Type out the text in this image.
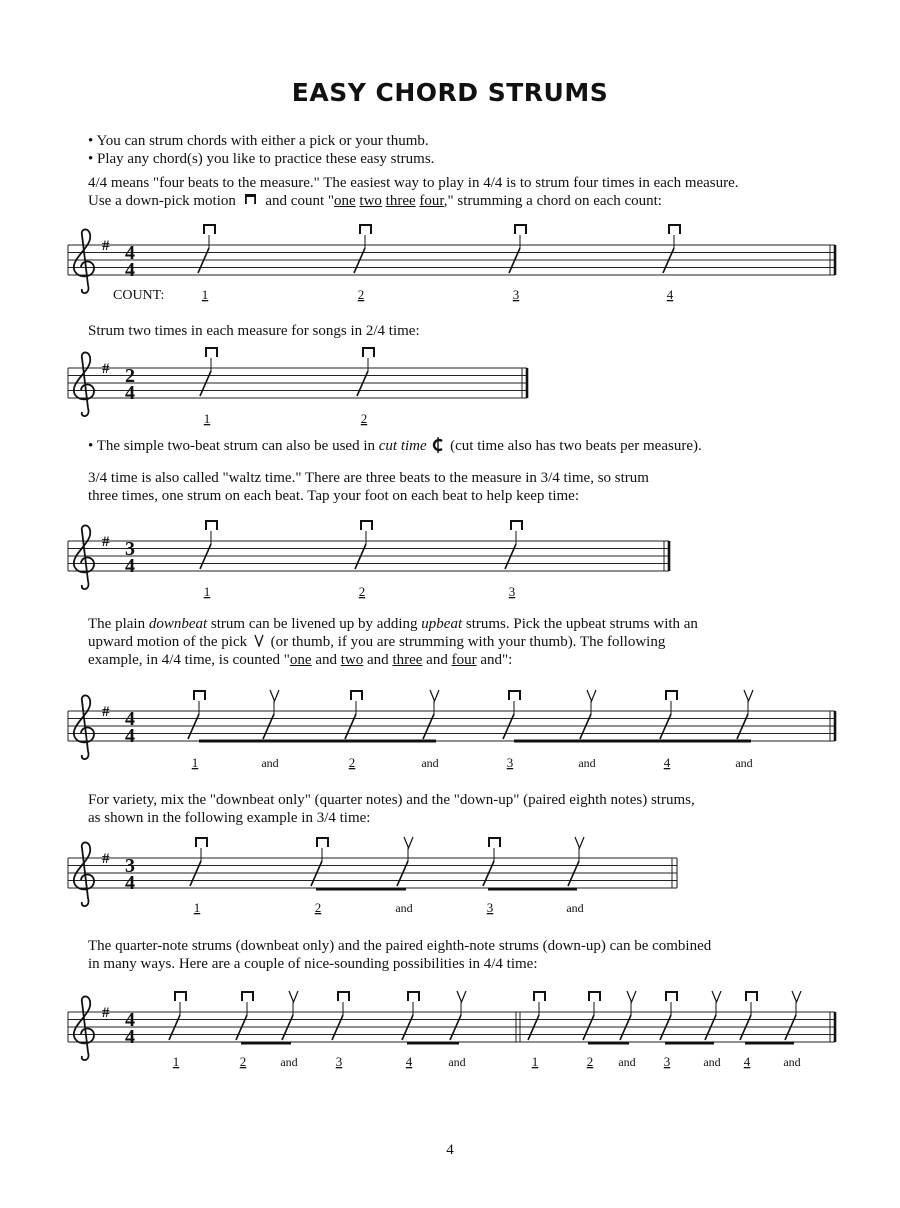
EASY CHORD STRUMS
• You can strum chords with either a pick or your thumb.
• Play any chord(s) you like to practice these easy strums.
4/4 means "four beats to the measure." The easiest way to play in 4/4 is to strum four times in each measure.
Use a down-pick motion and count "one two three four," strumming a chord on each count:
Strum two times in each measure for songs in 2/4 time:
• The simple two-beat strum can also be used in cut time  (cut time also has two beats per measure).
3/4 time is also called "waltz time." There are three beats to the measure in 3/4 time, so strum
three times, one strum on each beat. Tap your foot on each beat to help keep time:
The plain downbeat strum can be livened up by adding upbeat strums. Pick the upbeat strums with an
upward motion of the pick  (or thumb, if you are strumming with your thumb). The following
example, in 4/4 time, is counted "one and two and three and four and":
For variety, mix the "downbeat only" (quarter notes) and the "down-up" (paired eighth notes) strums,
as shown in the following example in 3/4 time:
The quarter-note strums (downbeat only) and the paired eighth-note strums (down-up) can be combined
in many ways. Here are a couple of nice-sounding possibilities in 4/4 time:
# 4
4
1	2	3	4
COUNT:
# 2
4
1	2
# 3
4
1	2	3
# 4
4
1	and	2	and	3	and	4	and
# 3
4
1	2	and	3	and
# 4
4
1	2	and	3	4	and	1	2 and 3	and 4	and
4
